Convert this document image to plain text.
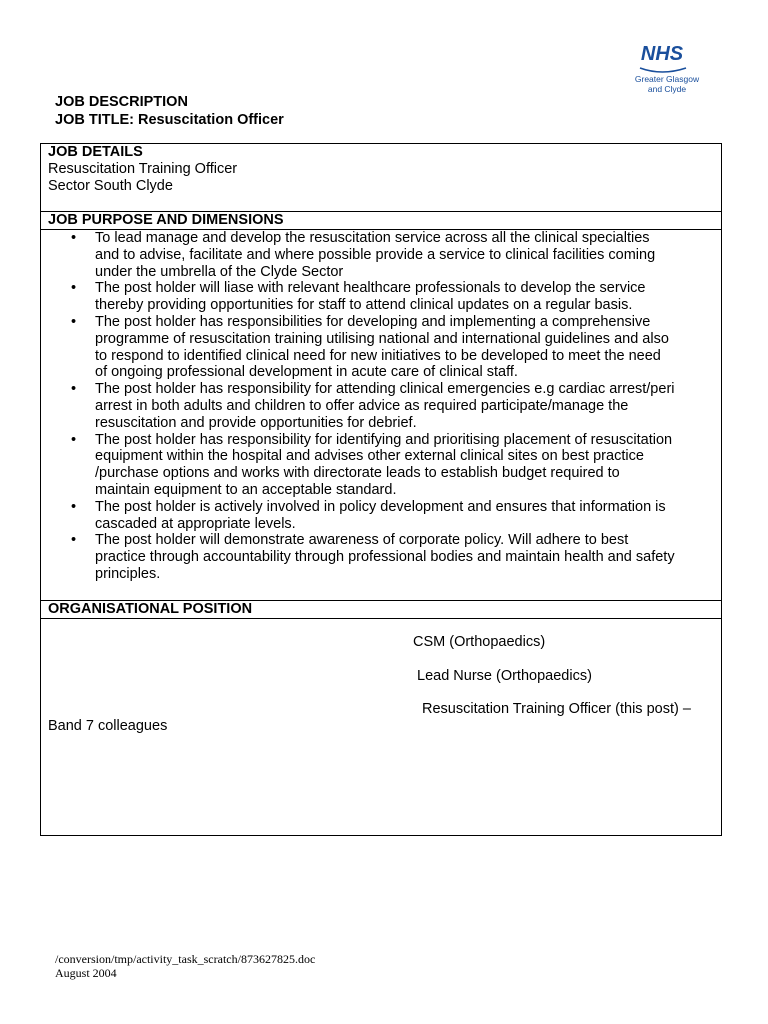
NHS
Greater Glasgow
and Clyde
JOB DESCRIPTION
JOB TITLE: Resuscitation Officer
JOB DETAILS
Resuscitation Training Officer
Sector South Clyde
JOB PURPOSE AND DIMENSIONS
• To lead manage and develop the resuscitation service across all the clinical specialties
and to advise, facilitate and where possible provide a service to clinical facilities coming
under the umbrella of the Clyde Sector
• The post holder will liase with relevant healthcare professionals to develop the service
thereby providing opportunities for staff to attend clinical updates on a regular basis.
• The post holder has responsibilities for developing and implementing a comprehensive
programme of resuscitation training utilising national and international guidelines and also
to respond to identified clinical need for new initiatives to be developed to meet the need
of ongoing professional development in acute care of clinical staff.
• The post holder has responsibility for attending clinical emergencies e.g cardiac arrest/peri
arrest in both adults and children to offer advice as required participate/manage the
resuscitation and provide opportunities for debrief.
• The post holder has responsibility for identifying and prioritising placement of resuscitation
equipment within the hospital and advises other external clinical sites on best practice
/purchase options and works with directorate leads to establish budget required to
maintain equipment to an acceptable standard.
• The post holder is actively involved in policy development and ensures that information is
cascaded at appropriate levels.
• The post holder will demonstrate awareness of corporate policy. Will adhere to best
practice through accountability through professional bodies and maintain health and safety
principles.
ORGANISATIONAL POSITION
CSM (Orthopaedics)
Lead Nurse (Orthopaedics)
Resuscitation Training Officer (this post) –
Band 7 colleagues
/conversion/tmp/activity_task_scratch/873627825.doc
August 2004
